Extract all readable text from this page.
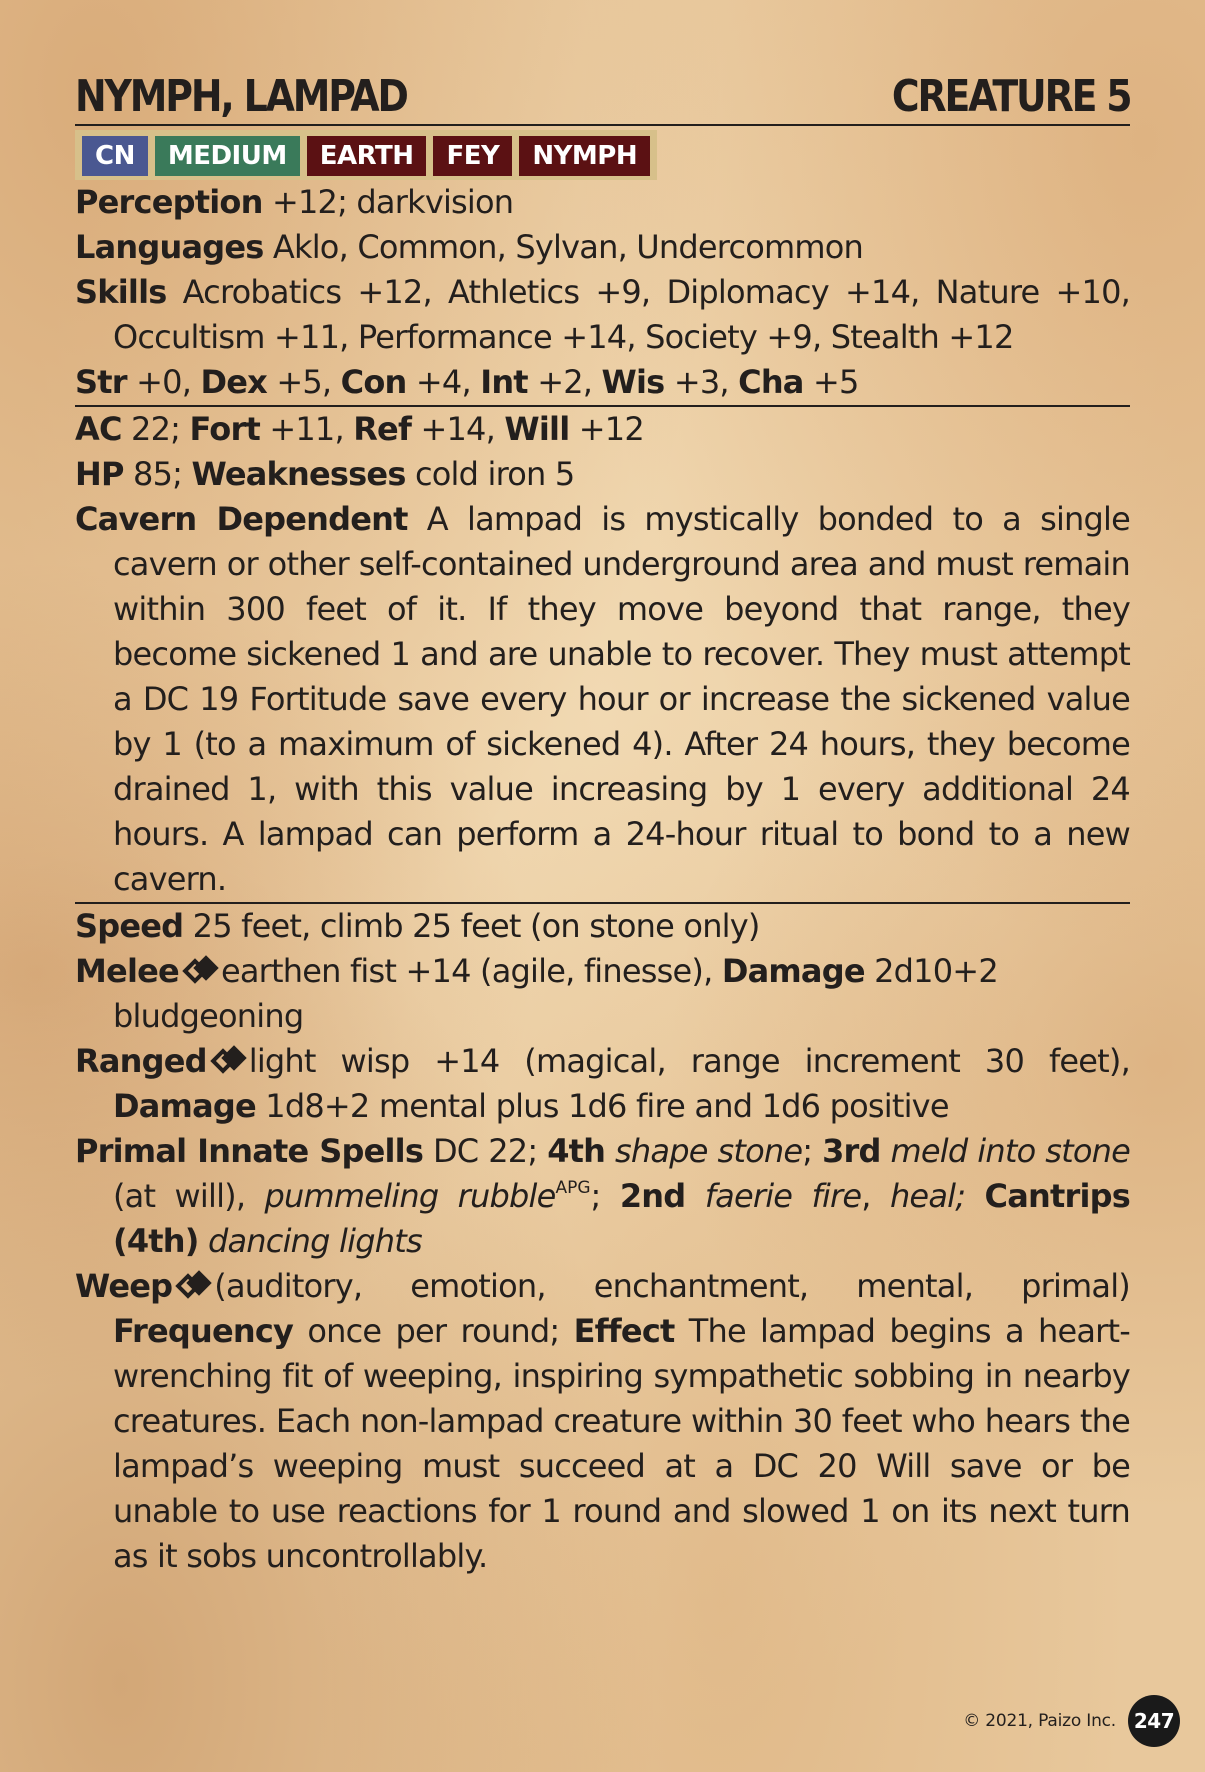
NYMPH, LAMPAD	CREATURE 5
CN	MEDIUM	EARTH	FEY	NYMPH

Perception +12; darkvision

Languages Aklo, Common, Sylvan, Undercommon

Skills Acrobatics +12, Athletics +9, Diplomacy +14, Nature +10, Occultism +11, Performance +14, Society +9, Stealth +12

Str +0, Dex +5, Con +4, Int +2, Wis +3, Cha +5

AC 22; Fort +11, Ref +14, Will +12

HP 85; Weaknesses cold iron 5

Cavern Dependent A lampad is mystically bonded to a single cavern or other self-contained underground area and must remain within 300 feet of it. If they move beyond that range, they become sickened 1 and are unable to recover. They must attempt a DC 19 Fortitude save every hour or increase the sickened value by 1 (to a maximum of sickened 4). After 24 hours, they become drained 1, with this value increasing by 1 every additional 24 hours. A lampad can perform a 24-hour ritual to bond to a new cavern.

Speed 25 feet, climb 25 feet (on stone only)

Melee earthen fist +14 (agile, finesse), Damage 2d10+2 bludgeoning

Ranged light wisp +14 (magical, range increment 30 feet), Damage 1d8+2 mental plus 1d6 fire and 1d6 positive

Primal Innate Spells DC 22; 4th shape stone; 3rd meld into stone (at will), pummeling rubble$^{APG}$; 2nd faerie fire, heal; Cantrips (4th) dancing lights

Weep (auditory, emotion, enchantment, mental, primal) Frequency once per round; Effect The lampad begins a heart-wrenching fit of weeping, inspiring sympathetic sobbing in nearby creatures. Each non-lampad creature within 30 feet who hears the lampad’s weeping must succeed at a DC 20 Will save or be unable to use reactions for 1 round and slowed 1 on its next turn as it sobs uncontrollably.

© 2021, Paizo Inc. 247
